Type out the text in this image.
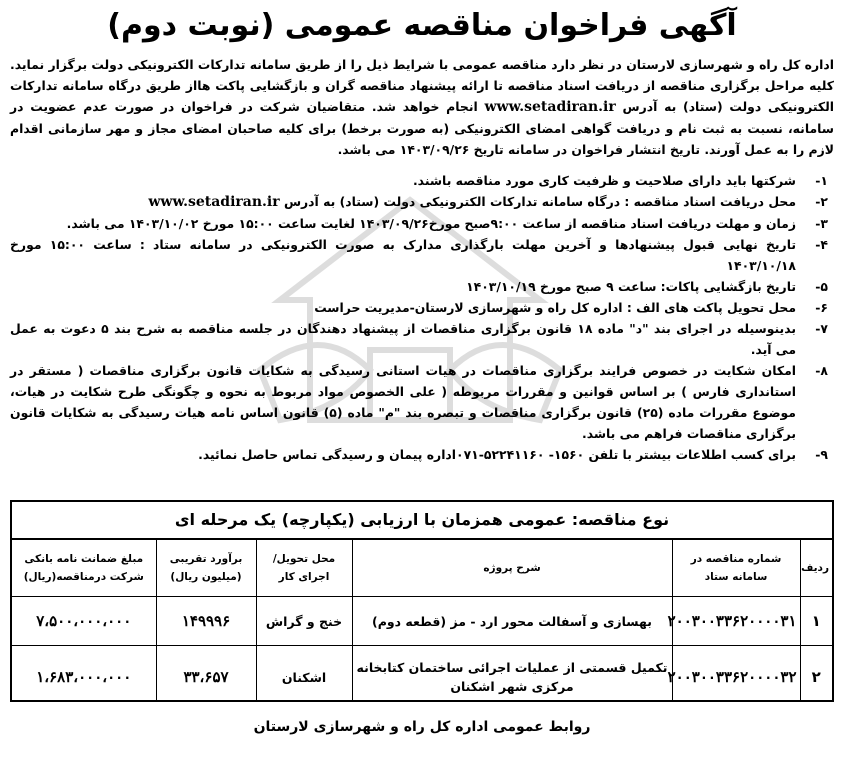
آگهی فراخوان مناقصه عمومی (نوبت دوم)
اداره کل راه و شهرسازی لارستان در نظر دارد مناقصه عمومی با شرایط ذیل را از طریق سامانه تدارکات الکترونیکی دولت برگزار نماید. کلیه مراحل برگزاری مناقصه از دریافت اسناد مناقصه تا ارائه پیشنهاد مناقصه گران و بازگشایی پاکت هااز طریق درگاه سامانه تدارکات الکترونیکی دولت (ستاد) به آدرس www.setadiran.ir انجام خواهد شد. متقاضیان شرکت در فراخوان در صورت عدم عضویت در سامانه، نسبت به ثبت نام و دریافت گواهی امضای الکترونیکی (به صورت برخط) برای کلیه صاحبان امضای مجاز و مهر سازمانی اقدام لازم را به عمل آورند. تاریخ انتشار فراخوان در سامانه تاریخ ۱۴۰۳/۰۹/۲۶ می باشد.
۱-
شرکتها باید دارای صلاحیت و ظرفیت کاری مورد مناقصه باشند.
۲-
محل دریافت اسناد مناقصه : درگاه سامانه تدارکات الکترونیکی دولت (ستاد) به آدرس www.setadiran.ir
۳-
زمان و مهلت دریافت اسناد مناقصه از ساعت ۹:۰۰صبح مورخ۱۴۰۳/۰۹/۲۶ لغایت ساعت ۱۵:۰۰ مورخ ۱۴۰۳/۱۰/۰۲ می باشد.
۴-
تاریخ نهایی قبول پیشنهادها و آخرین مهلت بارگذاری مدارک به صورت الکترونیکی در سامانه ستاد : ساعت ۱۵:۰۰ مورخ ۱۴۰۳/۱۰/۱۸
۵-
تاریخ بازگشایی پاکات: ساعت ۹ صبح مورخ ۱۴۰۳/۱۰/۱۹
۶-
محل تحویل پاکت های الف : اداره کل راه و شهرسازی لارستان-مدیریت حراست
۷-
بدینوسیله در اجرای بند "د" ماده ۱۸ قانون برگزاری مناقصات از پیشنهاد دهندگان در جلسه مناقصه به شرح بند ۵ دعوت به عمل می آید.
۸-
امکان شکایت در خصوص فرایند برگزاری مناقصات در هیات استانی رسیدگی به شکایات قانون برگزاری مناقصات ( مستقر در استانداری فارس ) بر اساس قوانین و مقررات مربوطه ( علی الخصوص مواد مربوط به نحوه و چگونگی طرح شکایت در هیات، موضوع مقررات ماده (۲۵) قانون برگزاری مناقصات و تبصره بند "م" ماده (۵) قانون اساس نامه هیات رسیدگی به شکایات قانون برگزاری مناقصات فراهم می باشد.
۹-
برای کسب اطلاعات بیشتر با تلفن ۱۵۶۰- ۵۲۲۴۱۱۶۰-۰۷۱اداره پیمان و رسیدگی تماس حاصل نمائید.
نوع مناقصه: عمومی همزمان با ارزیابی (یکپارچه) یک مرحله ای
ردیف	شماره مناقصه در سامانه ستاد	شرح پروژه	محل تحویل/اجرای کار	برآورد تقریبی (میلیون ریال)	مبلغ ضمانت نامه بانکی شرکت درمناقصه(ریال)
۱	۲۰۰۳۰۰۳۳۶۲۰۰۰۰۳۱	بهسازی و آسفالت محور ارد - مز (قطعه دوم)	خنج و گراش	۱۴۹۹۹۶	۷،۵۰۰،۰۰۰،۰۰۰
۲	۲۰۰۳۰۰۳۳۶۲۰۰۰۰۳۲	تکمیل قسمتی از عملیات اجرائی ساختمان کتابخانه مرکزی شهر اشکنان	اشکنان	۳۳،۶۵۷	۱،۶۸۳،۰۰۰،۰۰۰
روابط عمومی اداره کل راه و شهرسازی لارستان
